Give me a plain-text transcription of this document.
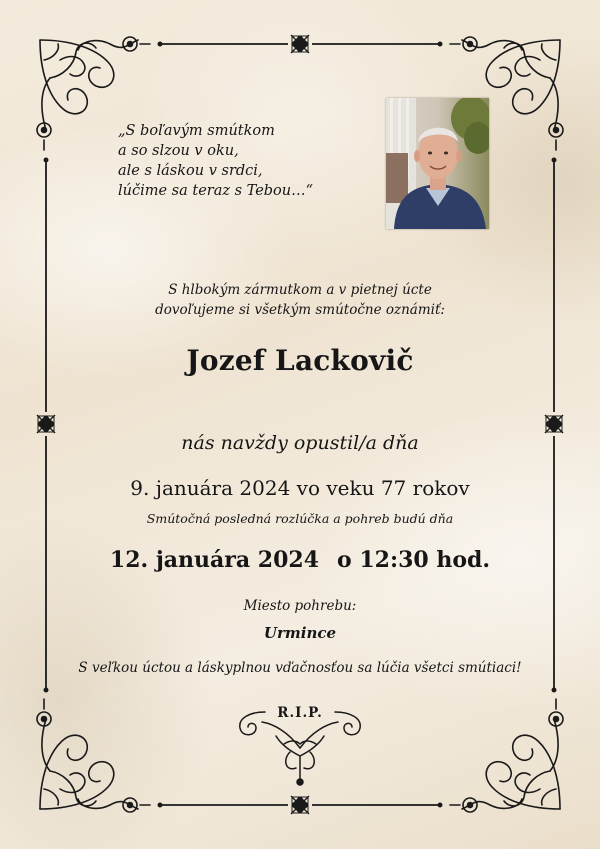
„S boľavým smútkom
a so slzou v oku,
ale s láskou v srdci,
lúčime sa teraz s Tebou…“
S hlbokým zármutkom a v pietnej úcte
dovoľujeme si všetkým smútočne oznámiť:
Jozef Lackovič
nás navždy opustil/a dňa
9. januára 2024 vo veku 77 rokov
Smútočná posledná rozlúčka a pohreb budú dňa
12. januára 2024 o 12:30 hod.
Miesto pohrebu:
Urmince
S veľkou úctou a láskyplnou vďačnosťou sa lúčia všetci smútiaci!
R.I.P.
